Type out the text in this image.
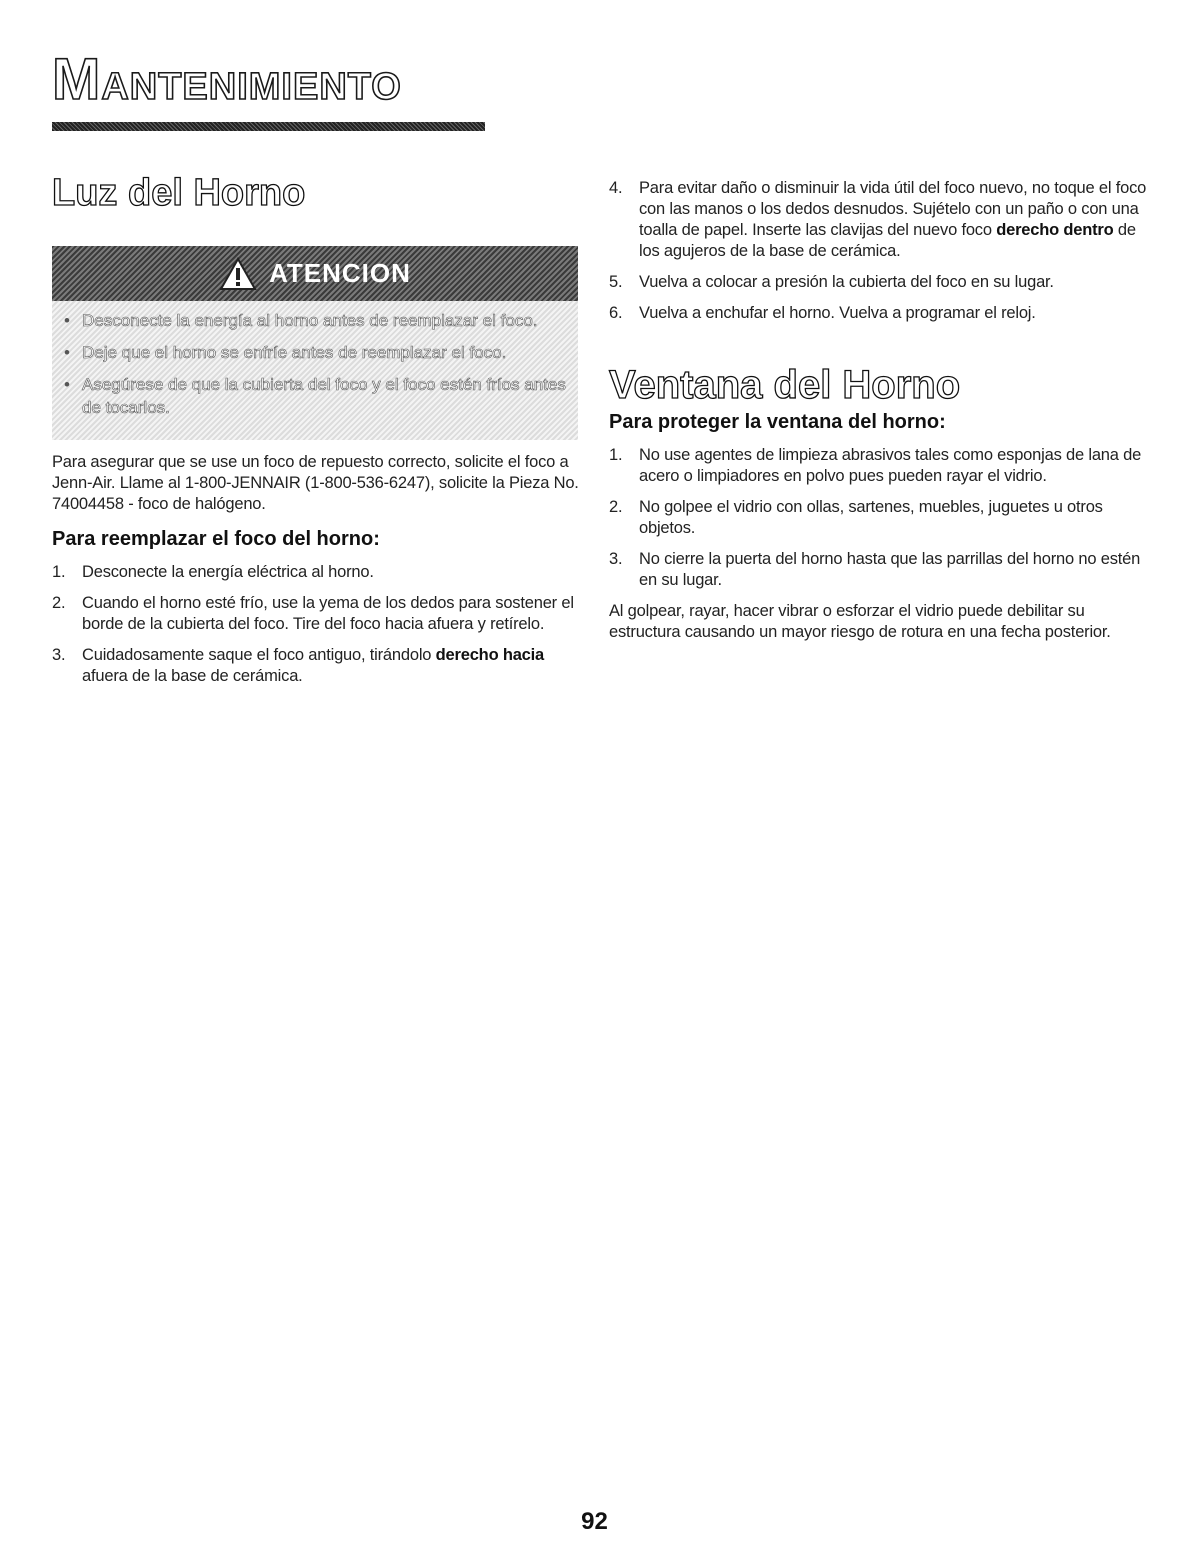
MANTENIMIENTO
Luz del Horno
ATENCION
• Desconecte la energía al horno antes de reemplazar el foco.
• Deje que el horno se enfríe antes de reemplazar el foco.
• Asegúrese de que la cubierta del foco y el foco estén fríos antes de tocarlos.

Para asegurar que se use un foco de repuesto correcto, solicite el foco a Jenn-Air. Llame al 1-800-JENNAIR (1-800-536-6247), solicite la Pieza No. 74004458 - foco de halógeno.

Para reemplazar el foco del horno:
1. Desconecte la energía eléctrica al horno.
2. Cuando el horno esté frío, use la yema de los dedos para sostener el borde de la cubierta del foco. Tire del foco hacia afuera y retírelo.
3. Cuidadosamente saque el foco antiguo, tirándolo derecho hacia afuera de la base de cerámica.
4. Para evitar daño o disminuir la vida útil del foco nuevo, no toque el foco con las manos o los dedos desnudos. Sujételo con un paño o con una toalla de papel. Inserte las clavijas del nuevo foco derecho dentro de los agujeros de la base de cerámica.
5. Vuelva a colocar a presión la cubierta del foco en su lugar.
6. Vuelva a enchufar el horno. Vuelva a programar el reloj.
Ventana del Horno
Para proteger la ventana del horno:
1. No use agentes de limpieza abrasivos tales como esponjas de lana de acero o limpiadores en polvo pues pueden rayar el vidrio.
2. No golpee el vidrio con ollas, sartenes, muebles, juguetes u otros objetos.
3. No cierre la puerta del horno hasta que las parrillas del horno no estén en su lugar.

Al golpear, rayar, hacer vibrar o esforzar el vidrio puede debilitar su estructura causando un mayor riesgo de rotura en una fecha posterior.

92
